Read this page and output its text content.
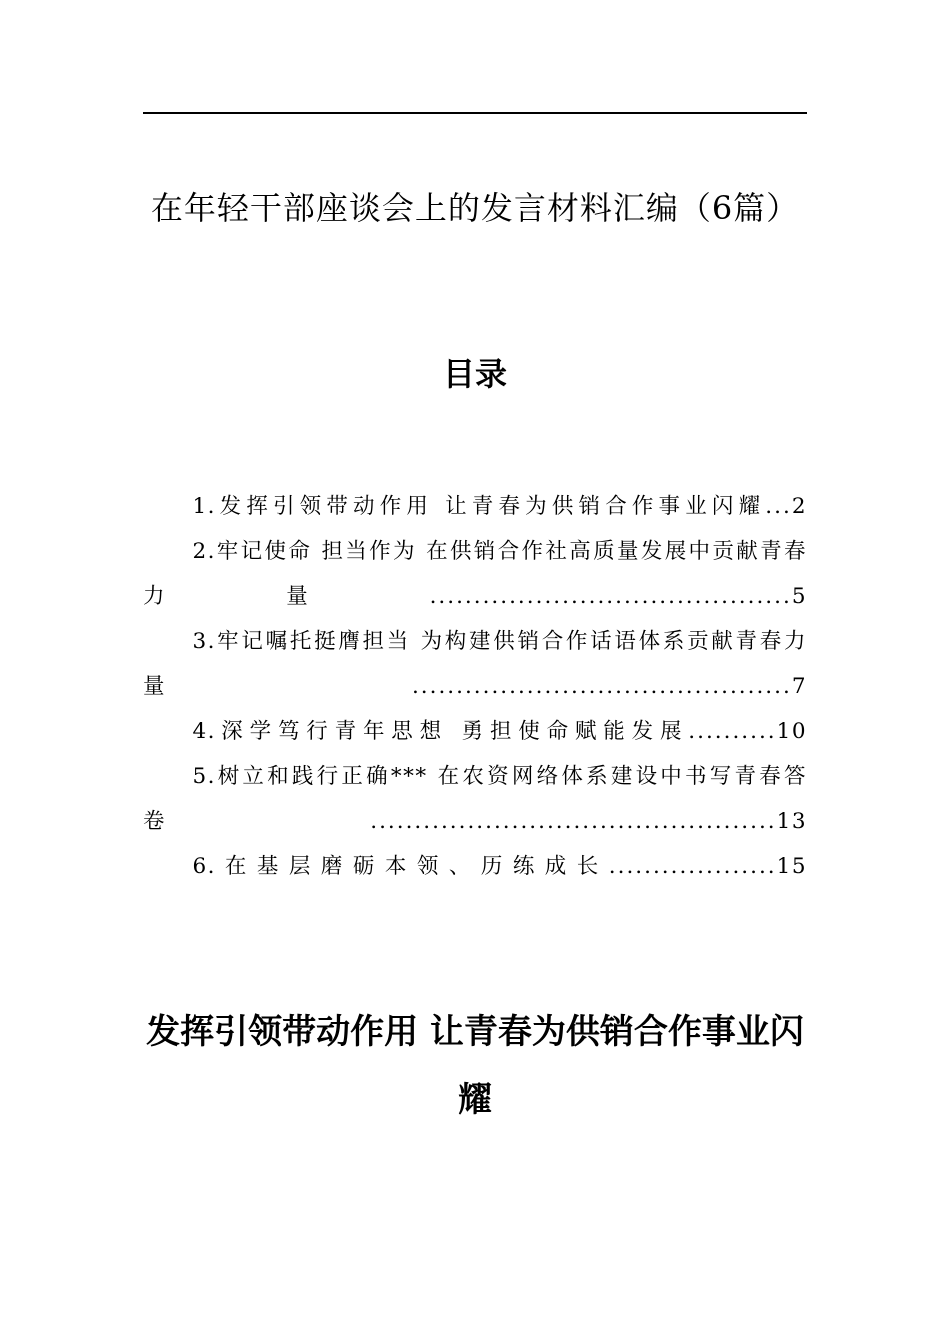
在年轻干部座谈会上的发言材料汇编（6篇）
目录
1.发挥引领带动作用 让青春为供销合作事业闪耀...2
2.牢记使命 担当作为 在供销合作社高质量发展中贡献青春力量.........................................5
3.牢记嘱托挺膺担当 为构建供销合作话语体系贡献青春力量...........................................7
4.深学笃行青年思想 勇担使命赋能发展..........10
5.树立和践行正确*** 在农资网络体系建设中书写青春答卷..............................................13
6.在基层磨砺本领、历练成长...................15
发挥引领带动作用 让青春为供销合作事业闪耀
